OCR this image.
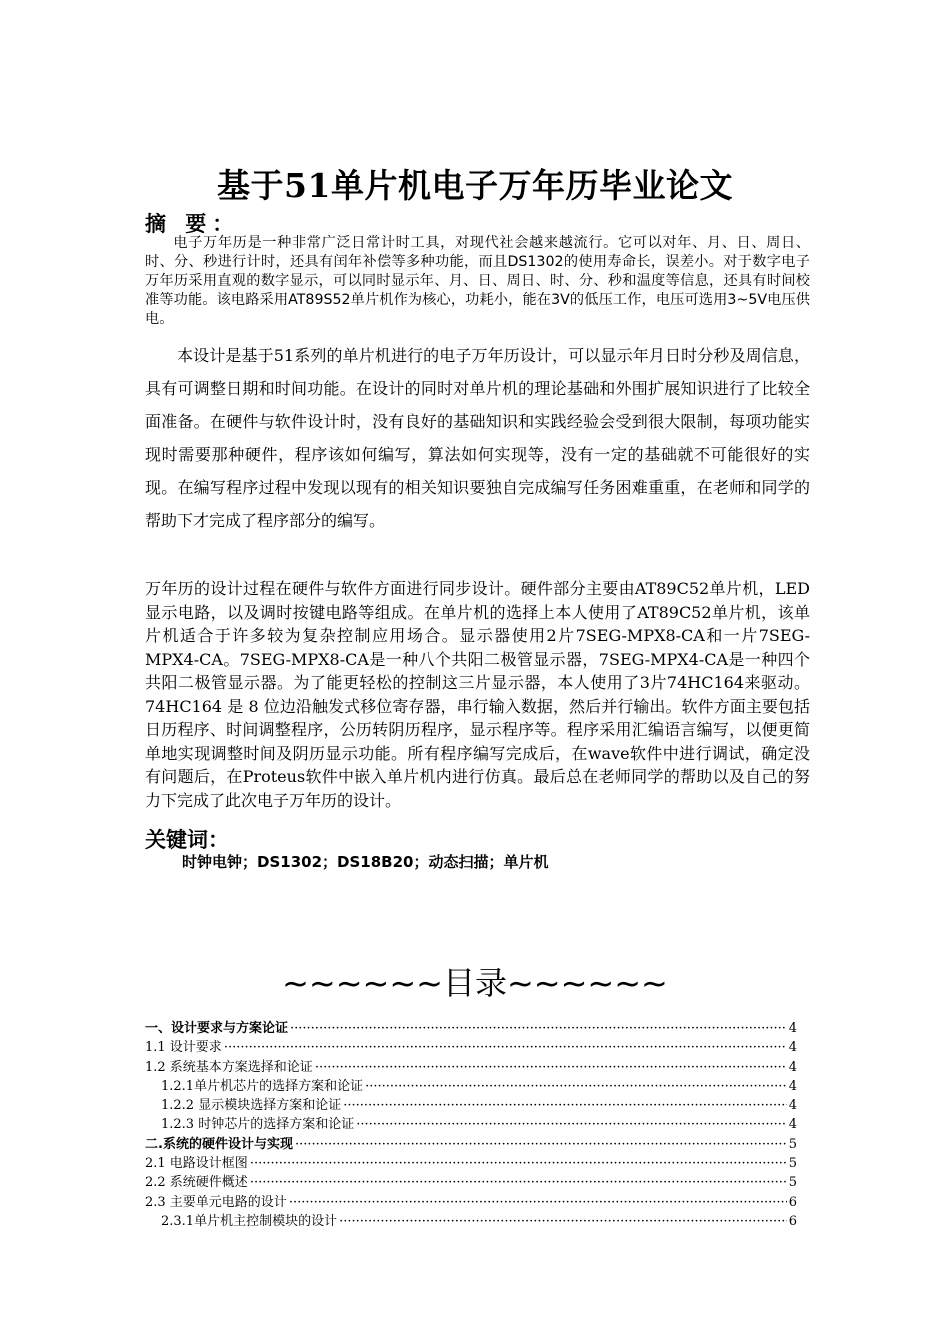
基于51单片机电子万年历毕业论文
摘 要：
电子万年历是一种非常广泛日常计时工具，对现代社会越来越流行。它可以对年、月、日、周日、时、分、秒进行计时，还具有闰年补偿等多种功能，而且DS1302的使用寿命长，误差小。对于数字电子万年历采用直观的数字显示，可以同时显示年、月、日、周日、时、分、秒和温度等信息，还具有时间校准等功能。该电路采用AT89S52单片机作为核心，功耗小，能在3V的低压工作，电压可选用3~5V电压供电。
本设计是基于51系列的单片机进行的电子万年历设计，可以显示年月日时分秒及周信息，具有可调整日期和时间功能。在设计的同时对单片机的理论基础和外围扩展知识进行了比较全面准备。在硬件与软件设计时，没有良好的基础知识和实践经验会受到很大限制，每项功能实现时需要那种硬件，程序该如何编写，算法如何实现等，没有一定的基础就不可能很好的实现。在编写程序过程中发现以现有的相关知识要独自完成编写任务困难重重，在老师和同学的帮助下才完成了程序部分的编写。
万年历的设计过程在硬件与软件方面进行同步设计。硬件部分主要由AT89C52单片机，LED显示电路，以及调时按键电路等组成。在单片机的选择上本人使用了AT89C52单片机，该单片机适合于许多较为复杂控制应用场合。显示器使用2片7SEG-MPX8-CA和一片7SEG-MPX4-CA。7SEG-MPX8-CA是一种八个共阳二极管显示器，7SEG-MPX4-CA是一种四个共阳二极管显示器。为了能更轻松的控制这三片显示器，本人使用了3片74HC164来驱动。74HC164 是 8 位边沿触发式移位寄存器，串行输入数据，然后并行输出。软件方面主要包括日历程序、时间调整程序，公历转阴历程序，显示程序等。程序采用汇编语言编写，以便更简单地实现调整时间及阴历显示功能。所有程序编写完成后，在wave软件中进行调试，确定没有问题后，在Proteus软件中嵌入单片机内进行仿真。最后总在老师同学的帮助以及自己的努力下完成了此次电子万年历的设计。
关键词：
时钟电钟；DS1302；DS18B20；动态扫描；单片机
~~~~~~目录~~~~~~
一、设计要求与方案论证 ·····	4
1.1 设计要求 ·····	4
1.2 系统基本方案选择和论证 ·····	4
1.2.1单片机芯片的选择方案和论证 ·····	4
1.2.2 显示模块选择方案和论证 ·····	4
1.2.3 时钟芯片的选择方案和论证 ·····	4
二.系统的硬件设计与实现 ·····	5
2.1 电路设计框图 ·····	5
2.2 系统硬件概述 ·····	5
2.3 主要单元电路的设计 ·····	6
2.3.1单片机主控制模块的设计 ·····	6
